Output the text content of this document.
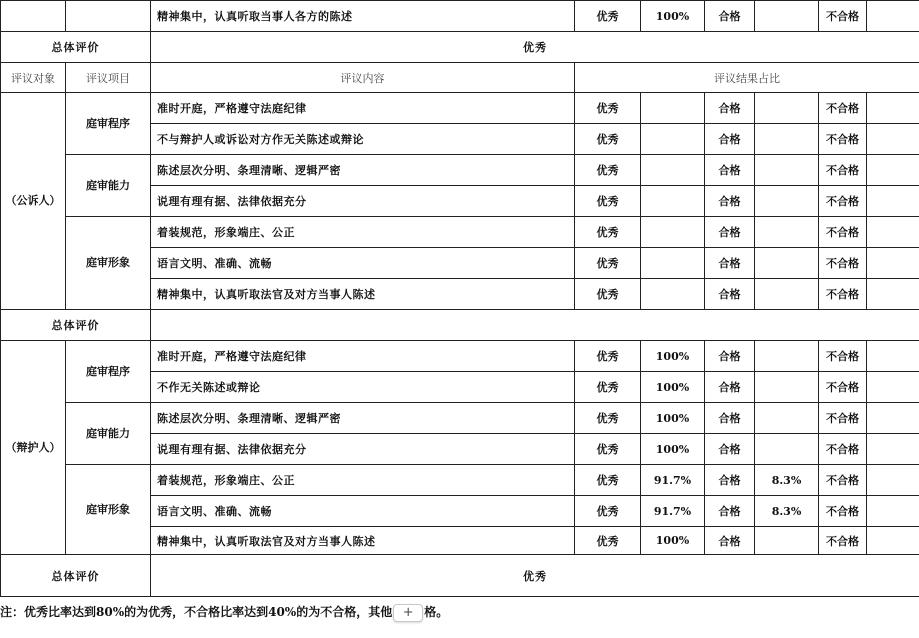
		精神集中，认真听取当事人各方的陈述	优秀	100%	合格		不合格	
总体评价		优秀						
评议对象	评议项目	评议内容	评议结果占比					
（公诉人）	庭审程序	准时开庭，严格遵守法庭纪律	优秀		合格		不合格	
		不与辩护人或诉讼对方作无关陈述或辩论	优秀		合格		不合格	
	庭审能力	陈述层次分明、条理清晰、逻辑严密	优秀		合格		不合格	
		说理有理有据、法律依据充分	优秀		合格		不合格	
	庭审形象	着装规范，形象端庄、公正	优秀		合格		不合格	
		语言文明、准确、流畅	优秀		合格		不合格	
		精神集中，认真听取法官及对方当事人陈述	优秀		合格		不合格	
总体评价								
（辩护人）	庭审程序	准时开庭，严格遵守法庭纪律	优秀	100%	合格		不合格	
		不作无关陈述或辩论	优秀	100%	合格		不合格	
	庭审能力	陈述层次分明、条理清晰、逻辑严密	优秀	100%	合格		不合格	
		说理有理有据、法律依据充分	优秀	100%	合格		不合格	
	庭审形象	着装规范，形象端庄、公正	优秀	91.7%	合格	8.3%	不合格	
		语言文明、准确、流畅	优秀	91.7%	合格	8.3%	不合格	
		精神集中，认真听取法官及对方当事人陈述	优秀	100%	合格		不合格	
总体评价		优秀						
注：优秀比率达到80%的为优秀，不合格比率达到40%的为不合格，其他 + 格。
